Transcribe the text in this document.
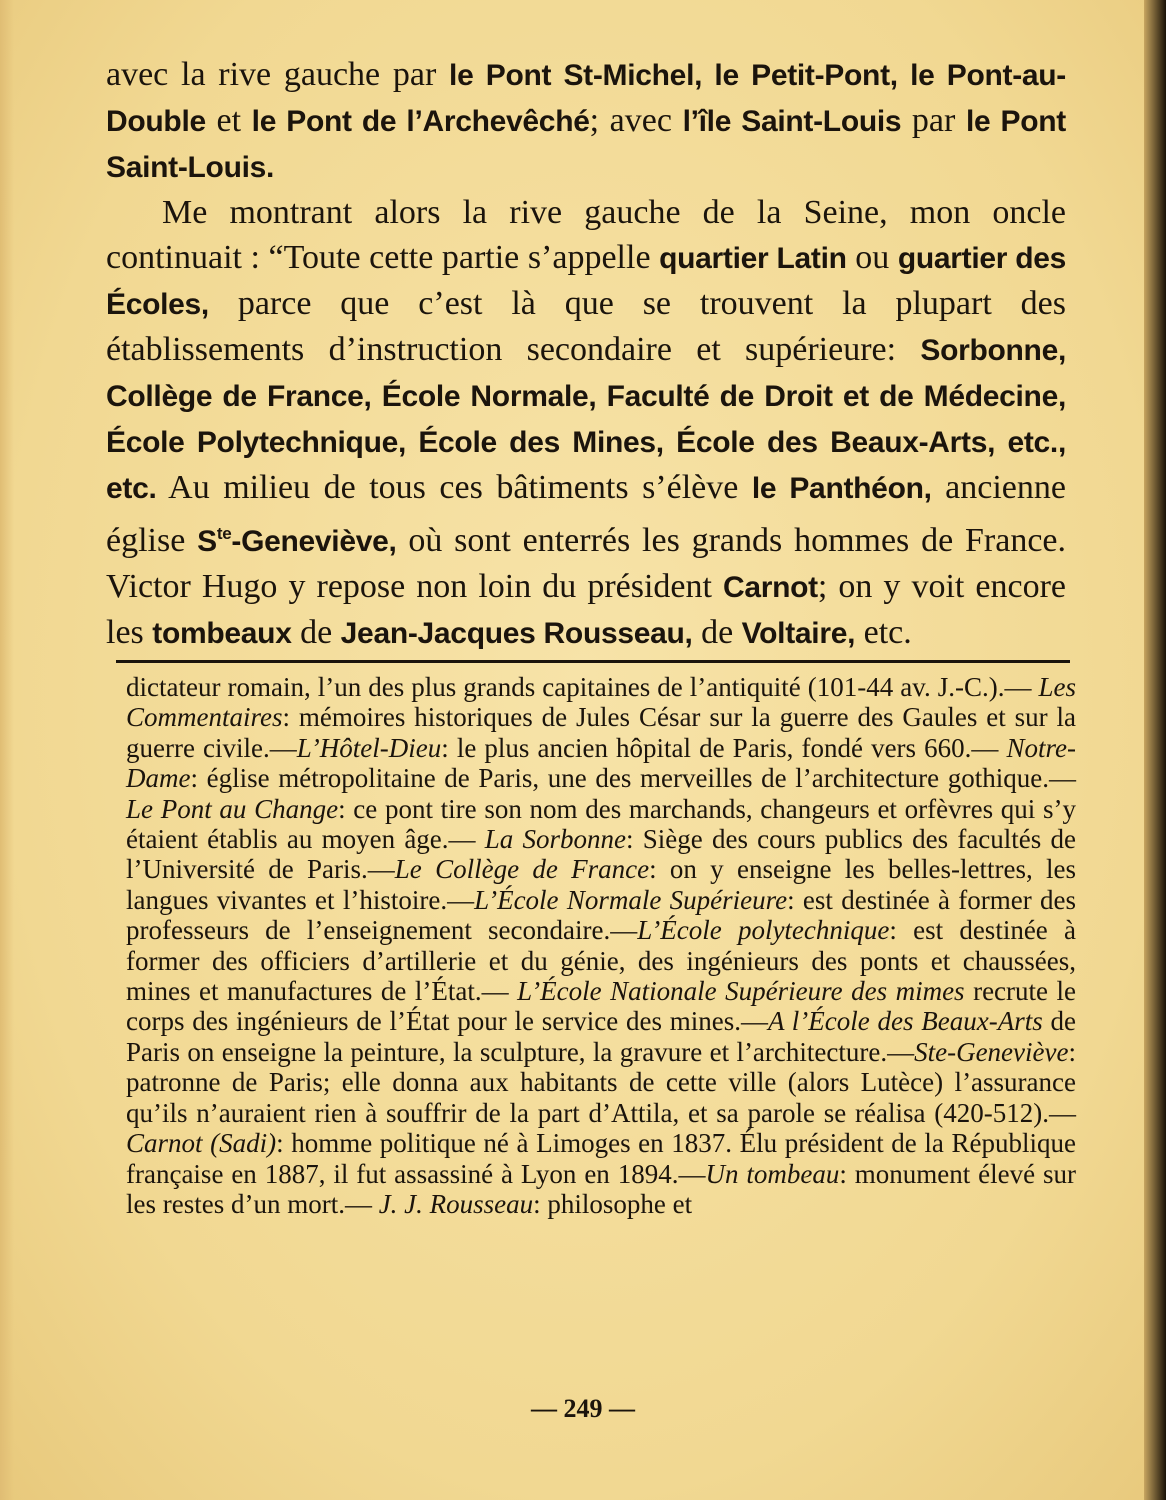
avec la rive gauche par le Pont St-Michel, le Petit-Pont, le Pont-au-Double et le Pont de l’Archevêché; avec l’île Saint-Louis par le Pont Saint-Louis.

Me montrant alors la rive gauche de la Seine, mon oncle continuait : “Toute cette partie s’appelle quartier Latin ou guartier des Écoles, parce que c’est là que se trouvent la plupart des établissements d’instruction secondaire et supérieure: Sorbonne, Collège de France, École Normale, Faculté de Droit et de Médecine, École Polytechnique, École des Mines, École des Beaux-Arts, etc., etc. Au milieu de tous ces bâtiments s’élève le Panthéon, ancienne église $S^{te}$-Geneviève, où sont enterrés les grands hommes de France. Victor Hugo y repose non loin du président Carnot; on y voit encore les tombeaux de Jean-Jacques Rousseau, de Voltaire, etc.

dictateur romain, l’un des plus grands capitaines de l’antiquité (101-44 av. J.-C.).— Les Commentaires: mémoires historiques de Jules César sur la guerre des Gaules et sur la guerre civile.—L’Hôtel-Dieu: le plus ancien hôpital de Paris, fondé vers 660.— Notre-Dame: église métropolitaine de Paris, une des merveilles de l’architecture gothique.— Le Pont au Change: ce pont tire son nom des marchands, changeurs et orfèvres qui s’y étaient établis au moyen âge.— La Sorbonne: Siège des cours publics des facultés de l’Université de Paris.—Le Collège de France: on y enseigne les belles-lettres, les langues vivantes et l’histoire.—L’École Normale Supérieure: est destinée à former des professeurs de l’enseignement secondaire.—L’École polytechnique: est destinée à former des officiers d’artillerie et du génie, des ingénieurs des ponts et chaussées, mines et manufactures de l’État.— L’École Nationale Supérieure des mimes recrute le corps des ingénieurs de l’État pour le service des mines.—A l’École des Beaux-Arts de Paris on enseigne la peinture, la sculpture, la gravure et l’architecture.—Ste-Geneviève: patronne de Paris; elle donna aux habitants de cette ville (alors Lutèce) l’assurance qu’ils n’auraient rien à souffrir de la part d’Attila, et sa parole se réalisa (420-512).—Carnot (Sadi): homme politique né à Limoges en 1837. Élu président de la République française en 1887, il fut assassiné à Lyon en 1894.—Un tombeau: monument élevé sur les restes d’un mort.— J. J. Rousseau: philosophe et
— 249 —
